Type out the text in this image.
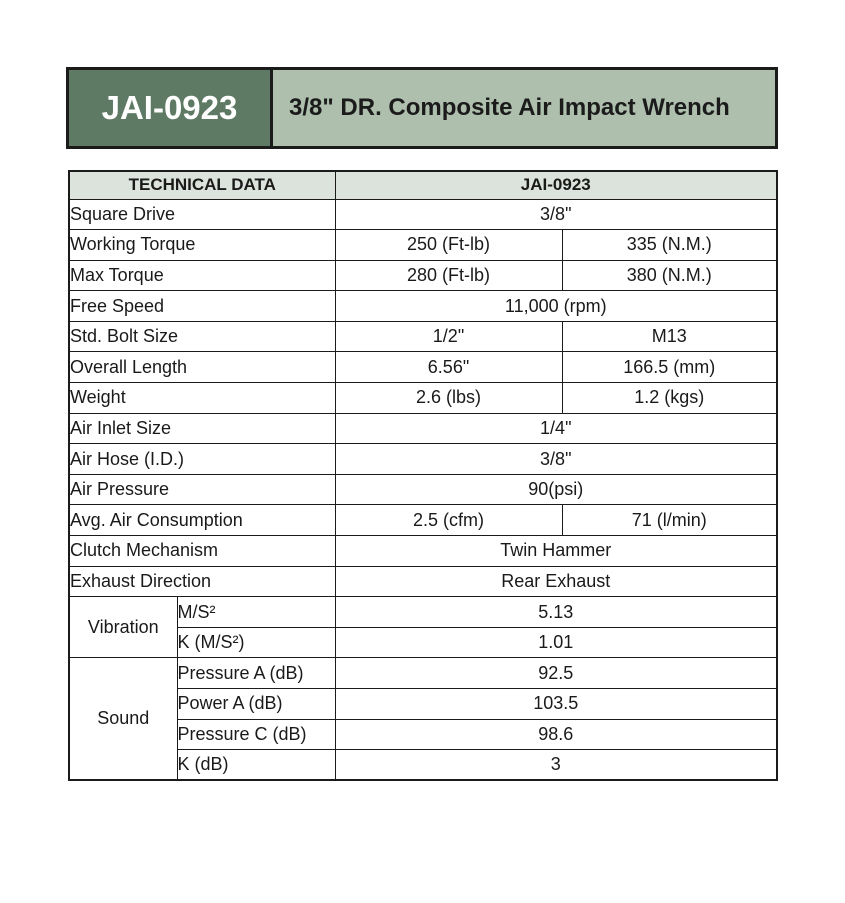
JAI-0923	3/8" DR. Composite Air Impact Wrench
TECHNICAL DATA		JAI-0923	
Square Drive		3/8"	
Working Torque		250 (Ft-lb)	335 (N.M.)
Max Torque		280 (Ft-lb)	380 (N.M.)
Free Speed		11,000 (rpm)	
Std. Bolt Size		1/2"	M13
Overall Length		6.56"	166.5 (mm)
Weight		2.6 (lbs)	1.2 (kgs)
Air Inlet Size		1/4"	
Air Hose (I.D.)		3/8"	
Air Pressure		90(psi)	
Avg. Air Consumption		2.5 (cfm)	71 (l/min)
Clutch Mechanism		Twin Hammer	
Exhaust Direction		Rear Exhaust	
Vibration	M/S²	5.13	
	K (M/S²)	1.01	
Sound	Pressure A (dB)	92.5	
	Power A (dB)	103.5	
	Pressure C (dB)	98.6	
	K (dB)	3	
